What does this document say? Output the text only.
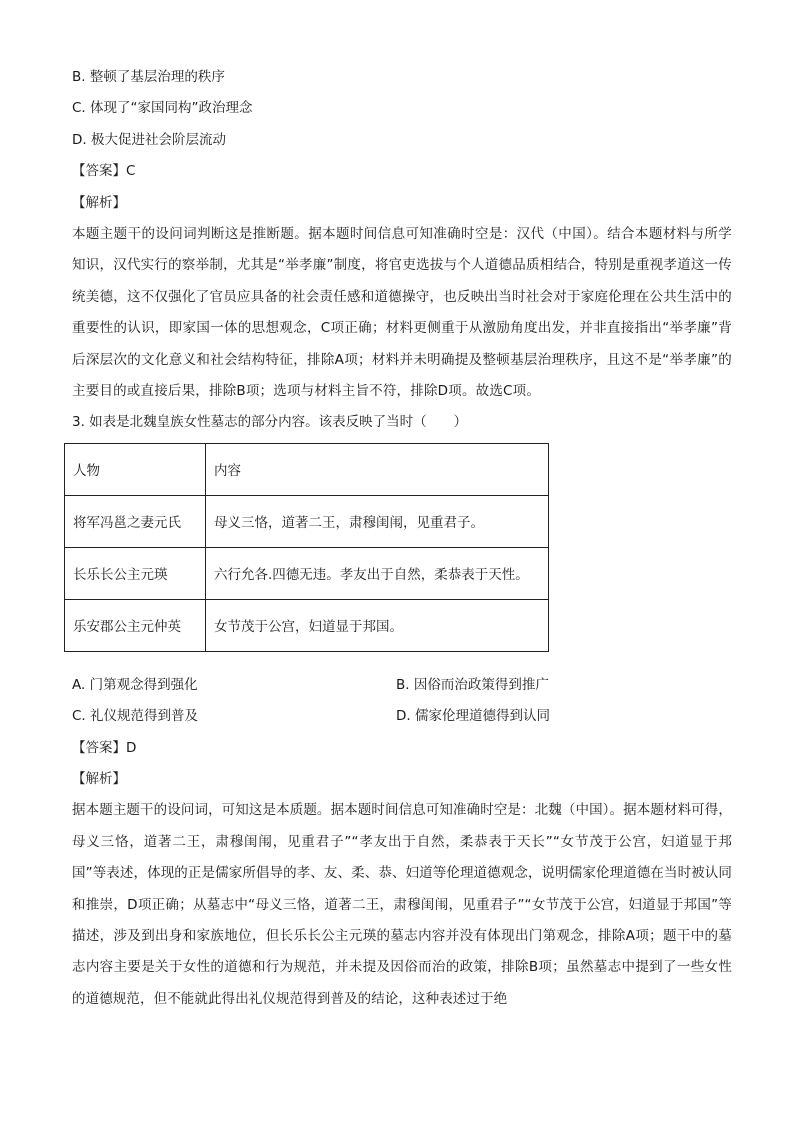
B. 整顿了基层治理的秩序
C. 体现了“家国同构”政治理念
D. 极大促进社会阶层流动
【答案】C
【解析】
本题主题干的设问词判断这是推断题。据本题时间信息可知准确时空是：汉代（中国）。结合本题材料与所学知识，汉代实行的察举制，尤其是“举孝廉”制度，将官吏选拔与个人道德品质相结合，特别是重视孝道这一传统美德，这不仅强化了官员应具备的社会责任感和道德操守，也反映出当时社会对于家庭伦理在公共生活中的重要性的认识，即家国一体的思想观念，C项正确；材料更侧重于从激励角度出发，并非直接指出“举孝廉”背后深层次的文化意义和社会结构特征，排除A项；材料并未明确提及整顿基层治理秩序，且这不是“举孝廉”的主要目的或直接后果，排除B项；选项与材料主旨不符，排除D项。故选C项。
3. 如表是北魏皇族女性墓志的部分内容。该表反映了当时（　　）
人物	内容
将军冯邕之妻元氏	母义三恪，道著二王，肃穆闺闱，见重君子。
长乐长公主元瑛	六行允各.四德无违。孝友出于自然，柔恭表于天性。
乐安郡公主元仲英	女节茂于公宫，妇道显于邦国。
A. 门第观念得到强化	B. 因俗而治政策得到推广
C. 礼仪规范得到普及	D. 儒家伦理道德得到认同
【答案】D
【解析】
据本题主题干的设问词，可知这是本质题。据本题时间信息可知准确时空是：北魏（中国）。据本题材料可得，母义三恪，道著二王，肃穆闺闱，见重君子”“孝友出于自然，柔恭表于天长”“女节茂于公宫，妇道显于邦国”等表述，体现的正是儒家所倡导的孝、友、柔、恭、妇道等伦理道德观念，说明儒家伦理道德在当时被认同和推崇，D项正确；从墓志中“母义三恪，道著二王，肃穆闺闱，见重君子”“女节茂于公宫，妇道显于邦国”等描述，涉及到出身和家族地位，但长乐长公主元瑛的墓志内容并没有体现出门第观念，排除A项；题干中的墓志内容主要是关于女性的道德和行为规范，并未提及因俗而治的政策，排除B项；虽然墓志中提到了一些女性的道德规范，但不能就此得出礼仪规范得到普及的结论，这种表述过于绝
